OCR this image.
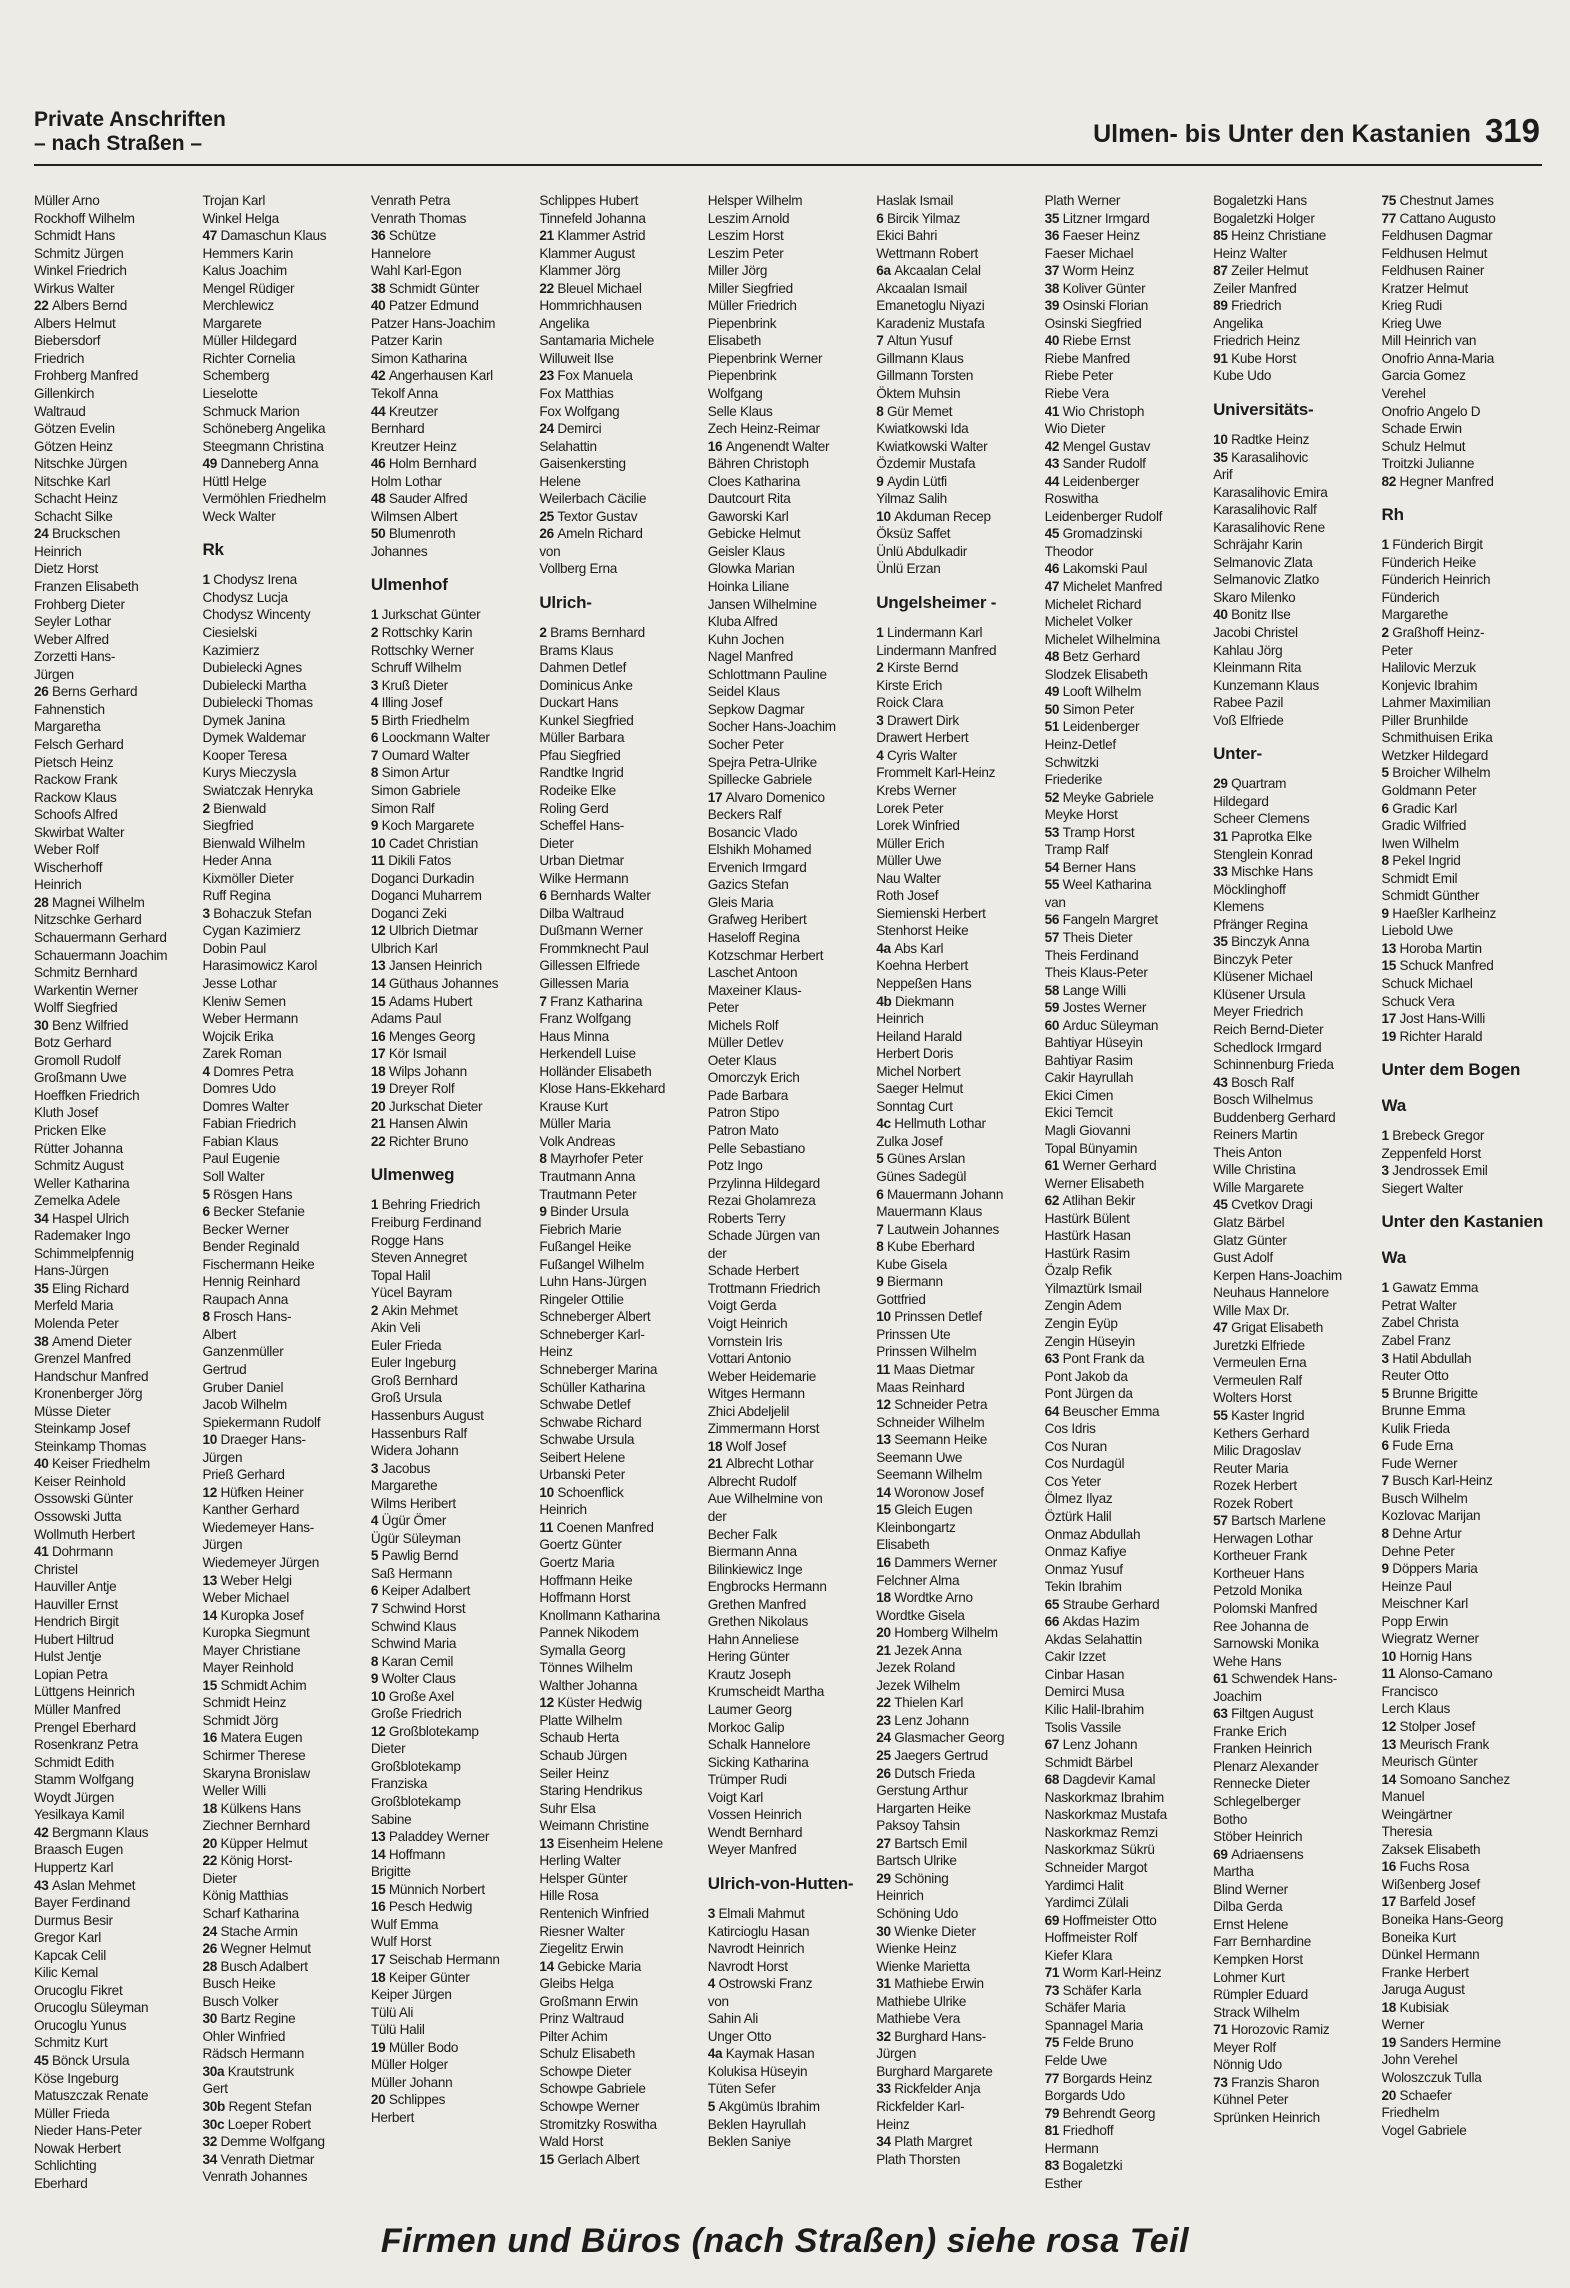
Private Anschriften
– nach Straßen –	Ulmen- bis Unter den Kastanien 319
Müller Arno
Rockhoff Wilhelm
Schmidt Hans
Schmitz Jürgen
Winkel Friedrich
Wirkus Walter
22 Albers Bernd
Albers Helmut
Biebersdorf
Friedrich
Frohberg Manfred
Gillenkirch
Waltraud
Götzen Evelin
Götzen Heinz
Nitschke Jürgen
Nitschke Karl
Schacht Heinz
Schacht Silke
24 Bruckschen
Heinrich
Dietz Horst
Franzen Elisabeth
Frohberg Dieter
Seyler Lothar
Weber Alfred
Zorzetti Hans-
Jürgen
26 Berns Gerhard
Fahnenstich
Margaretha
Felsch Gerhard
Pietsch Heinz
Rackow Frank
Rackow Klaus
Schoofs Alfred
Skwirbat Walter
Weber Rolf
Wischerhoff
Heinrich
28 Magnei Wilhelm
Nitzschke Gerhard
Schauermann Gerhard
Schauermann Joachim
Schmitz Bernhard
Warkentin Werner
Wolff Siegfried
30 Benz Wilfried
Botz Gerhard
Gromoll Rudolf
Großmann Uwe
Hoeffken Friedrich
Kluth Josef
Pricken Elke
Rütter Johanna
Schmitz August
Weller Katharina
Zemelka Adele
34 Haspel Ulrich
Rademaker Ingo
Schimmelpfennig
Hans-Jürgen
35 Eling Richard
Merfeld Maria
Molenda Peter
38 Amend Dieter
Grenzel Manfred
Handschur Manfred
Kronenberger Jörg
Müsse Dieter
Steinkamp Josef
Steinkamp Thomas
40 Keiser Friedhelm
Keiser Reinhold
Ossowski Günter
Ossowski Jutta
Wollmuth Herbert
41 Dohrmann
Christel
Hauviller Antje
Hauviller Ernst
Hendrich Birgit
Hubert Hiltrud
Hulst Jentje
Lopian Petra
Lüttgens Heinrich
Müller Manfred
Prengel Eberhard
Rosenkranz Petra
Schmidt Edith
Stamm Wolfgang
Woydt Jürgen
Yesilkaya Kamil
42 Bergmann Klaus
Braasch Eugen
Huppertz Karl
43 Aslan Mehmet
Bayer Ferdinand
Durmus Besir
Gregor Karl
Kapcak Celil
Kilic Kemal
Orucoglu Fikret
Orucoglu Süleyman
Orucoglu Yunus
Schmitz Kurt
45 Bönck Ursula
Köse Ingeburg
Matuszczak Renate
Müller Frieda
Nieder Hans-Peter
Nowak Herbert
Schlichting
Eberhard
Trojan Karl
Winkel Helga
47 Damaschun Klaus
Hemmers Karin
Kalus Joachim
Mengel Rüdiger
Merchlewicz
Margarete
Müller Hildegard
Richter Cornelia
Schemberg
Lieselotte
Schmuck Marion
Schöneberg Angelika
Steegmann Christina
49 Danneberg Anna
Hüttl Helge
Vermöhlen Friedhelm
Weck Walter
Rk
1 Chodysz Irena
Chodysz Lucja
Chodysz Wincenty
Ciesielski
Kazimierz
Dubielecki Agnes
Dubielecki Martha
Dubielecki Thomas
Dymek Janina
Dymek Waldemar
Kooper Teresa
Kurys Mieczysla
Swiatczak Henryka
2 Bienwald
Siegfried
Bienwald Wilhelm
Heder Anna
Kixmöller Dieter
Ruff Regina
3 Bohaczuk Stefan
Cygan Kazimierz
Dobin Paul
Harasimowicz Karol
Jesse Lothar
Kleniw Semen
Weber Hermann
Wojcik Erika
Zarek Roman
4 Domres Petra
Domres Udo
Domres Walter
Fabian Friedrich
Fabian Klaus
Paul Eugenie
Soll Walter
5 Rösgen Hans
6 Becker Stefanie
Becker Werner
Bender Reginald
Fischermann Heike
Hennig Reinhard
Raupach Anna
8 Frosch Hans-
Albert
Ganzenmüller
Gertrud
Gruber Daniel
Jacob Wilhelm
Spiekermann Rudolf
10 Draeger Hans-
Jürgen
Prieß Gerhard
12 Hüfken Heiner
Kanther Gerhard
Wiedemeyer Hans-
Jürgen
Wiedemeyer Jürgen
13 Weber Helgi
Weber Michael
14 Kuropka Josef
Kuropka Siegmunt
Mayer Christiane
Mayer Reinhold
15 Schmidt Achim
Schmidt Heinz
Schmidt Jörg
16 Matera Eugen
Schirmer Therese
Skaryna Bronislaw
Weller Willi
18 Külkens Hans
Ziechner Bernhard
20 Küpper Helmut
22 König Horst-
Dieter
König Matthias
Scharf Katharina
24 Stache Armin
26 Wegner Helmut
28 Busch Adalbert
Busch Heike
Busch Volker
30 Bartz Regine
Ohler Winfried
Rädsch Hermann
30a Krautstrunk
Gert
30b Regent Stefan
30c Loeper Robert
32 Demme Wolfgang
34 Venrath Dietmar
Venrath Johannes
Venrath Petra
Venrath Thomas
36 Schütze
Hannelore
Wahl Karl-Egon
38 Schmidt Günter
40 Patzer Edmund
Patzer Hans-Joachim
Patzer Karin
Simon Katharina
42 Angerhausen Karl
Tekolf Anna
44 Kreutzer
Bernhard
Kreutzer Heinz
46 Holm Bernhard
Holm Lothar
48 Sauder Alfred
Wilmsen Albert
50 Blumenroth
Johannes
Ulmenhof
1 Jurkschat Günter
2 Rottschky Karin
Rottschky Werner
Schruff Wilhelm
3 Kruß Dieter
4 Illing Josef
5 Birth Friedhelm
6 Loockmann Walter
7 Oumard Walter
8 Simon Artur
Simon Gabriele
Simon Ralf
9 Koch Margarete
10 Cadet Christian
11 Dikili Fatos
Doganci Durkadin
Doganci Muharrem
Doganci Zeki
12 Ulbrich Dietmar
Ulbrich Karl
13 Jansen Heinrich
14 Güthaus Johannes
15 Adams Hubert
Adams Paul
16 Menges Georg
17 Kör Ismail
18 Wilps Johann
19 Dreyer Rolf
20 Jurkschat Dieter
21 Hansen Alwin
22 Richter Bruno
Ulmenweg
1 Behring Friedrich
Freiburg Ferdinand
Rogge Hans
Steven Annegret
Topal Halil
Yücel Bayram
2 Akin Mehmet
Akin Veli
Euler Frieda
Euler Ingeburg
Groß Bernhard
Groß Ursula
Hassenburs August
Hassenburs Ralf
Widera Johann
3 Jacobus
Margarethe
Wilms Heribert
4 Ügür Ömer
Ügür Süleyman
5 Pawlig Bernd
Saß Hermann
6 Keiper Adalbert
7 Schwind Horst
Schwind Klaus
Schwind Maria
8 Karan Cemil
9 Wolter Claus
10 Große Axel
Große Friedrich
12 Großblotekamp
Dieter
Großblotekamp
Franziska
Großblotekamp
Sabine
13 Paladdey Werner
14 Hoffmann
Brigitte
15 Münnich Norbert
16 Pesch Hedwig
Wulf Emma
Wulf Horst
17 Seischab Hermann
18 Keiper Günter
Keiper Jürgen
Tülü Ali
Tülü Halil
19 Müller Bodo
Müller Holger
Müller Johann
20 Schlippes
Herbert
Schlippes Hubert
Tinnefeld Johanna
21 Klammer Astrid
Klammer August
Klammer Jörg
22 Bleuel Michael
Hommrichhausen
Angelika
Santamaria Michele
Willuweit Ilse
23 Fox Manuela
Fox Matthias
Fox Wolfgang
24 Demirci
Selahattin
Gaisenkersting
Helene
Weilerbach Cäcilie
25 Textor Gustav
26 Ameln Richard
von
Vollberg Erna
Ulrich-
2 Brams Bernhard
Brams Klaus
Dahmen Detlef
Dominicus Anke
Duckart Hans
Kunkel Siegfried
Müller Barbara
Pfau Siegfried
Randtke Ingrid
Rodeike Elke
Roling Gerd
Scheffel Hans-
Dieter
Urban Dietmar
Wilke Hermann
6 Bernhards Walter
Dilba Waltraud
Dußmann Werner
Frommknecht Paul
Gillessen Elfriede
Gillessen Maria
7 Franz Katharina
Franz Wolfgang
Haus Minna
Herkendell Luise
Holländer Elisabeth
Klose Hans-Ekkehard
Krause Kurt
Müller Maria
Volk Andreas
8 Mayrhofer Peter
Trautmann Anna
Trautmann Peter
9 Binder Ursula
Fiebrich Marie
Fußangel Heike
Fußangel Wilhelm
Luhn Hans-Jürgen
Ringeler Ottilie
Schneberger Albert
Schneberger Karl-
Heinz
Schneberger Marina
Schüller Katharina
Schwabe Detlef
Schwabe Richard
Schwabe Ursula
Seibert Helene
Urbanski Peter
10 Schoenflick
Heinrich
11 Coenen Manfred
Goertz Günter
Goertz Maria
Hoffmann Heike
Hoffmann Horst
Knollmann Katharina
Pannek Nikodem
Symalla Georg
Tönnes Wilhelm
Walther Johanna
12 Küster Hedwig
Platte Wilhelm
Schaub Herta
Schaub Jürgen
Seiler Heinz
Staring Hendrikus
Suhr Elsa
Weimann Christine
13 Eisenheim Helene
Herling Walter
Helsper Günter
Hille Rosa
Rentenich Winfried
Riesner Walter
Ziegelitz Erwin
14 Gebicke Maria
Gleibs Helga
Großmann Erwin
Prinz Waltraud
Pilter Achim
Schulz Elisabeth
Schowpe Dieter
Schowpe Gabriele
Schowpe Werner
Stromitzky Roswitha
Wald Horst
15 Gerlach Albert
Helsper Wilhelm
Leszim Arnold
Leszim Horst
Leszim Peter
Miller Jörg
Miller Siegfried
Müller Friedrich
Piepenbrink
Elisabeth
Piepenbrink Werner
Piepenbrink
Wolfgang
Selle Klaus
Zech Heinz-Reimar
16 Angenendt Walter
Bähren Christoph
Cloes Katharina
Dautcourt Rita
Gaworski Karl
Gebicke Helmut
Geisler Klaus
Glowka Marian
Hoinka Liliane
Jansen Wilhelmine
Kluba Alfred
Kuhn Jochen
Nagel Manfred
Schlottmann Pauline
Seidel Klaus
Sepkow Dagmar
Socher Hans-Joachim
Socher Peter
Spejra Petra-Ulrike
Spillecke Gabriele
17 Alvaro Domenico
Beckers Ralf
Bosancic Vlado
Elshikh Mohamed
Ervenich Irmgard
Gazics Stefan
Gleis Maria
Grafweg Heribert
Haseloff Regina
Kotzschmar Herbert
Laschet Antoon
Maxeiner Klaus-
Peter
Michels Rolf
Müller Detlev
Oeter Klaus
Omorczyk Erich
Pade Barbara
Patron Stipo
Patron Mato
Pelle Sebastiano
Potz Ingo
Przylinna Hildegard
Rezai Gholamreza
Roberts Terry
Schade Jürgen van
der
Schade Herbert
Trottmann Friedrich
Voigt Gerda
Voigt Heinrich
Vornstein Iris
Vottari Antonio
Weber Heidemarie
Witges Hermann
Zhici Abdeljelil
Zimmermann Horst
18 Wolf Josef
21 Albrecht Lothar
Albrecht Rudolf
Aue Wilhelmine von
der
Becher Falk
Biermann Anna
Bilinkiewicz Inge
Engbrocks Hermann
Grethen Manfred
Grethen Nikolaus
Hahn Anneliese
Hering Günter
Krautz Joseph
Krumscheidt Martha
Laumer Georg
Morkoc Galip
Schalk Hannelore
Sicking Katharina
Trümper Rudi
Voigt Karl
Vossen Heinrich
Wendt Bernhard
Weyer Manfred
Ulrich-von-Hutten-
3 Elmali Mahmut
Katircioglu Hasan
Navrodt Heinrich
Navrodt Horst
4 Ostrowski Franz
von
Sahin Ali
Unger Otto
4a Kaymak Hasan
Kolukisa Hüseyin
Tüten Sefer
5 Akgümüs Ibrahim
Beklen Hayrullah
Beklen Saniye
Haslak Ismail
6 Bircik Yilmaz
Ekici Bahri
Wettmann Robert
6a Akcaalan Celal
Akcaalan Ismail
Emanetoglu Niyazi
Karadeniz Mustafa
7 Altun Yusuf
Gillmann Klaus
Gillmann Torsten
Öktem Muhsin
8 Gür Memet
Kwiatkowski Ida
Kwiatkowski Walter
Özdemir Mustafa
9 Aydin Lütfi
Yilmaz Salih
10 Akduman Recep
Öksüz Saffet
Ünlü Abdulkadir
Ünlü Erzan
Ungelsheimer -
1 Lindermann Karl
Lindermann Manfred
2 Kirste Bernd
Kirste Erich
Roick Clara
3 Drawert Dirk
Drawert Herbert
4 Cyris Walter
Frommelt Karl-Heinz
Krebs Werner
Lorek Peter
Lorek Winfried
Müller Erich
Müller Uwe
Nau Walter
Roth Josef
Siemienski Herbert
Stenhorst Heike
4a Abs Karl
Koehna Herbert
Neppeßen Hans
4b Diekmann
Heinrich
Heiland Harald
Herbert Doris
Michel Norbert
Saeger Helmut
Sonntag Curt
4c Hellmuth Lothar
Zulka Josef
5 Günes Arslan
Günes Sadegül
6 Mauermann Johann
Mauermann Klaus
7 Lautwein Johannes
8 Kube Eberhard
Kube Gisela
9 Biermann
Gottfried
10 Prinssen Detlef
Prinssen Ute
Prinssen Wilhelm
11 Maas Dietmar
Maas Reinhard
12 Schneider Petra
Schneider Wilhelm
13 Seemann Heike
Seemann Uwe
Seemann Wilhelm
14 Woronow Josef
15 Gleich Eugen
Kleinbongartz
Elisabeth
16 Dammers Werner
Felchner Alma
18 Wordtke Arno
Wordtke Gisela
20 Homberg Wilhelm
21 Jezek Anna
Jezek Roland
Jezek Wilhelm
22 Thielen Karl
23 Lenz Johann
24 Glasmacher Georg
25 Jaegers Gertrud
26 Dutsch Frieda
Gerstung Arthur
Hargarten Heike
Paksoy Tahsin
27 Bartsch Emil
Bartsch Ulrike
29 Schöning
Heinrich
Schöning Udo
30 Wienke Dieter
Wienke Heinz
Wienke Marietta
31 Mathiebe Erwin
Mathiebe Ulrike
Mathiebe Vera
32 Burghard Hans-
Jürgen
Burghard Margarete
33 Rickfelder Anja
Rickfelder Karl-
Heinz
34 Plath Margret
Plath Thorsten
Plath Werner
35 Litzner Irmgard
36 Faeser Heinz
Faeser Michael
37 Worm Heinz
38 Koliver Günter
39 Osinski Florian
Osinski Siegfried
40 Riebe Ernst
Riebe Manfred
Riebe Peter
Riebe Vera
41 Wio Christoph
Wio Dieter
42 Mengel Gustav
43 Sander Rudolf
44 Leidenberger
Roswitha
Leidenberger Rudolf
45 Gromadzinski
Theodor
46 Lakomski Paul
47 Michelet Manfred
Michelet Richard
Michelet Volker
Michelet Wilhelmina
48 Betz Gerhard
Slodzek Elisabeth
49 Looft Wilhelm
50 Simon Peter
51 Leidenberger
Heinz-Detlef
Schwitzki
Friederike
52 Meyke Gabriele
Meyke Horst
53 Tramp Horst
Tramp Ralf
54 Berner Hans
55 Weel Katharina
van
56 Fangeln Margret
57 Theis Dieter
Theis Ferdinand
Theis Klaus-Peter
58 Lange Willi
59 Jostes Werner
60 Arduc Süleyman
Bahtiyar Hüseyin
Bahtiyar Rasim
Cakir Hayrullah
Ekici Cimen
Ekici Temcit
Magli Giovanni
Topal Bünyamin
61 Werner Gerhard
Werner Elisabeth
62 Atlihan Bekir
Hastürk Bülent
Hastürk Hasan
Hastürk Rasim
Özalp Refik
Yilmaztürk Ismail
Zengin Adem
Zengin Eyüp
Zengin Hüseyin
63 Pont Frank da
Pont Jakob da
Pont Jürgen da
64 Beuscher Emma
Cos Idris
Cos Nuran
Cos Nurdagül
Cos Yeter
Ölmez Ilyaz
Öztürk Halil
Onmaz Abdullah
Onmaz Kafiye
Onmaz Yusuf
Tekin Ibrahim
65 Straube Gerhard
66 Akdas Hazim
Akdas Selahattin
Cakir Izzet
Cinbar Hasan
Demirci Musa
Kilic Halil-Ibrahim
Tsolis Vassile
67 Lenz Johann
Schmidt Bärbel
68 Dagdevir Kamal
Naskorkmaz Ibrahim
Naskorkmaz Mustafa
Naskorkmaz Remzi
Naskorkmaz Sükrü
Schneider Margot
Yardimci Halit
Yardimci Zülali
69 Hoffmeister Otto
Hoffmeister Rolf
Kiefer Klara
71 Worm Karl-Heinz
73 Schäfer Karla
Schäfer Maria
Spannagel Maria
75 Felde Bruno
Felde Uwe
77 Borgards Heinz
Borgards Udo
79 Behrendt Georg
81 Friedhoff
Hermann
83 Bogaletzki
Esther
Bogaletzki Hans
Bogaletzki Holger
85 Heinz Christiane
Heinz Walter
87 Zeiler Helmut
Zeiler Manfred
89 Friedrich
Angelika
Friedrich Heinz
91 Kube Horst
Kube Udo
Universitäts-
10 Radtke Heinz
35 Karasalihovic
Arif
Karasalihovic Emira
Karasalihovic Ralf
Karasalihovic Rene
Schräjahr Karin
Selmanovic Zlata
Selmanovic Zlatko
Skaro Milenko
40 Bonitz Ilse
Jacobi Christel
Kahlau Jörg
Kleinmann Rita
Kunzemann Klaus
Rabee Pazil
Voß Elfriede
Unter-
29 Quartram
Hildegard
Scheer Clemens
31 Paprotka Elke
Stenglein Konrad
33 Mischke Hans
Möcklinghoff
Klemens
Pfränger Regina
35 Binczyk Anna
Binczyk Peter
Klüsener Michael
Klüsener Ursula
Meyer Friedrich
Reich Bernd-Dieter
Schedlock Irmgard
Schinnenburg Frieda
43 Bosch Ralf
Bosch Wilhelmus
Buddenberg Gerhard
Reiners Martin
Theis Anton
Wille Christina
Wille Margarete
45 Cvetkov Dragi
Glatz Bärbel
Glatz Günter
Gust Adolf
Kerpen Hans-Joachim
Neuhaus Hannelore
Wille Max Dr.
47 Grigat Elisabeth
Juretzki Elfriede
Vermeulen Erna
Vermeulen Ralf
Wolters Horst
55 Kaster Ingrid
Kethers Gerhard
Milic Dragoslav
Reuter Maria
Rozek Herbert
Rozek Robert
57 Bartsch Marlene
Herwagen Lothar
Kortheuer Frank
Kortheuer Hans
Petzold Monika
Polomski Manfred
Ree Johanna de
Sarnowski Monika
Wehe Hans
61 Schwendek Hans-
Joachim
63 Filtgen August
Franke Erich
Franken Heinrich
Plenarz Alexander
Rennecke Dieter
Schlegelberger
Botho
Stöber Heinrich
69 Adriaensens
Martha
Blind Werner
Dilba Gerda
Ernst Helene
Farr Bernhardine
Kempken Horst
Lohmer Kurt
Rümpler Eduard
Strack Wilhelm
71 Horozovic Ramiz
Meyer Rolf
Nönnig Udo
73 Franzis Sharon
Kühnel Peter
Sprünken Heinrich
75 Chestnut James
77 Cattano Augusto
Feldhusen Dagmar
Feldhusen Helmut
Feldhusen Rainer
Kratzer Helmut
Krieg Rudi
Krieg Uwe
Mill Heinrich van
Onofrio Anna-Maria
Garcia Gomez
Verehel
Onofrio Angelo D
Schade Erwin
Schulz Helmut
Troitzki Julianne
82 Hegner Manfred
Rh
1 Fünderich Birgit
Fünderich Heike
Fünderich Heinrich
Fünderich
Margarethe
2 Graßhoff Heinz-
Peter
Halilovic Merzuk
Konjevic Ibrahim
Lahmer Maximilian
Piller Brunhilde
Schmithuisen Erika
Wetzker Hildegard
5 Broicher Wilhelm
Goldmann Peter
6 Gradic Karl
Gradic Wilfried
Iwen Wilhelm
8 Pekel Ingrid
Schmidt Emil
Schmidt Günther
9 Haeßler Karlheinz
Liebold Uwe
13 Horoba Martin
15 Schuck Manfred
Schuck Michael
Schuck Vera
17 Jost Hans-Willi
19 Richter Harald
Unter dem Bogen
Wa
1 Brebeck Gregor
Zeppenfeld Horst
3 Jendrossek Emil
Siegert Walter
Unter den Kastanien
Wa
1 Gawatz Emma
Petrat Walter
Zabel Christa
Zabel Franz
3 Hatil Abdullah
Reuter Otto
5 Brunne Brigitte
Brunne Emma
Kulik Frieda
6 Fude Erna
Fude Werner
7 Busch Karl-Heinz
Busch Wilhelm
Kozlovac Marijan
8 Dehne Artur
Dehne Peter
9 Döppers Maria
Heinze Paul
Meischner Karl
Popp Erwin
Wiegratz Werner
10 Hornig Hans
11 Alonso-Camano
Francisco
Lerch Klaus
12 Stolper Josef
13 Meurisch Frank
Meurisch Günter
14 Somoano Sanchez
Manuel
Weingärtner
Theresia
Zaksek Elisabeth
16 Fuchs Rosa
Wißenberg Josef
17 Barfeld Josef
Boneika Hans-Georg
Boneika Kurt
Dünkel Hermann
Franke Herbert
Jaruga August
18 Kubisiak
Werner
19 Sanders Hermine
John Verehel
Woloszczuk Tulla
20 Schaefer
Friedhelm
Vogel Gabriele
Firmen und Büros (nach Straßen) siehe rosa Teil
